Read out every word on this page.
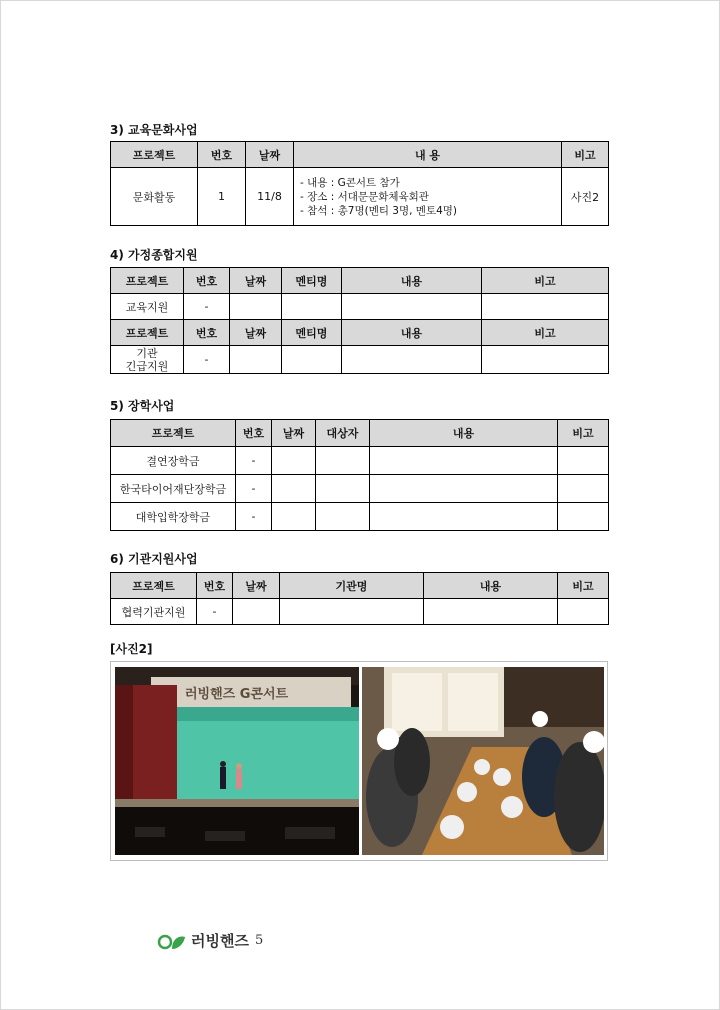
3) 교육문화사업
프로젝트	번호	날짜	내 용	비고
문화활동	1	11/8	- 내용 : G콘서트 참가
- 장소 : 서대문문화체육회관
- 참석 : 총7명(멘티 3명, 멘토4명)	사진2
4) 가정종합지원
프로젝트	번호	날짜	멘티명	내용	비고
교육지원	-				
프로젝트	번호	날짜	멘티명	내용	비고

기관
긴급지원	-				
5) 장학사업
프로젝트	번호	날짜	대상자	내용	비고
결연장학금	-				
한국타이어재단장학금	-				
대학입학장학금	-				
6) 기관지원사업
프로젝트	번호	날짜	기관명	내용	비고
협력기관지원	-				
[사진2]
러빙핸즈 G콘서트
러빙핸즈 5
